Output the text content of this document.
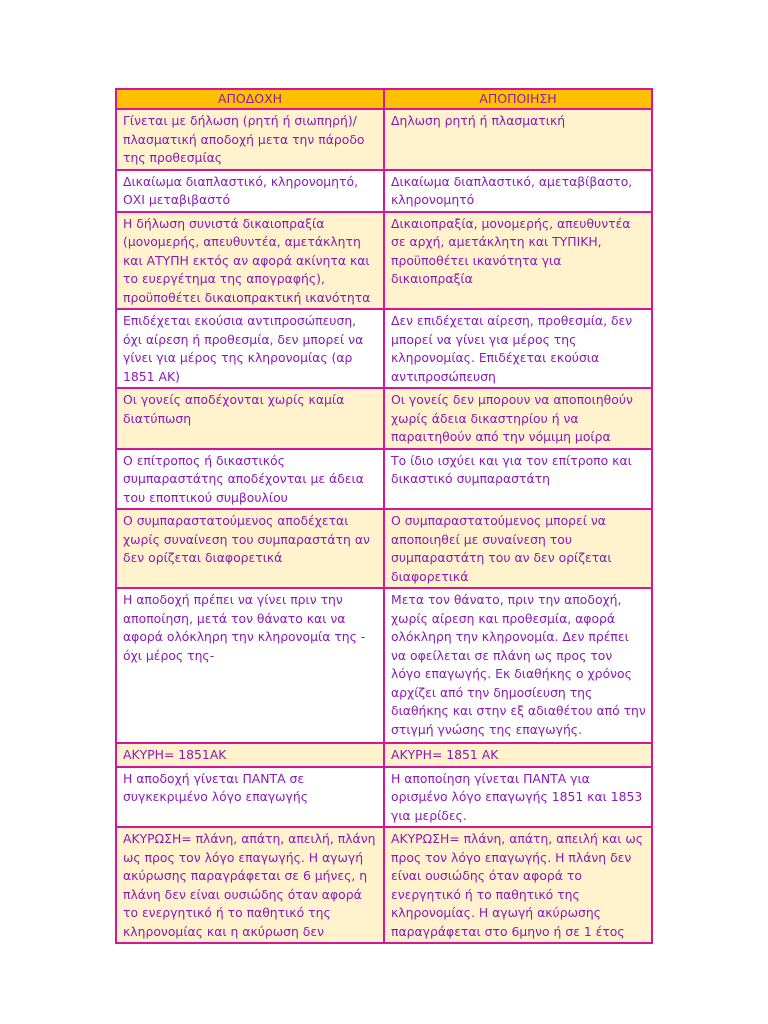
ΑΠΟΔΟΧΗ	ΑΠΟΠΟΙΗΣΗ
Γίνεται με δήλωση (ρητή ή σιωπηρή)/ πλασματική αποδοχή μετα την πάροδο της προθεσμίας	Δηλωση ρητή ή πλασματική
Δικαίωμα διαπλαστικό, κληρονομητό, ΟΧΙ μεταβιβαστό	Δικαίωμα διαπλαστικό, αμεταβίβαστο, κληρονομητό
Η δήλωση συνιστά δικαιοπραξία (μονομερής, απευθυντέα, αμετάκλητη και ΑΤΥΠΗ εκτός αν αφορά ακίνητα και το ευεργέτημα της απογραφής), προϋποθέτει δικαιοπρακτική ικανότητα	Δικαιοπραξία, μονομερής, απευθυντέα σε αρχή, αμετάκλητη και ΤΥΠΙΚΗ, προϋποθέτει ικανότητα για δικαιοπραξία
Επιδέχεται εκούσια αντιπροσώπευση, όχι αίρεση ή προθεσμία, δεν μπορεί να γίνει για μέρος της κληρονομίας (αρ 1851 ΑΚ)	Δεν επιδέχεται αίρεση, προθεσμία, δεν μπορεί να γίνει για μέρος της κληρονομίας. Επιδέχεται εκούσια αντιπροσώπευση
Οι γονείς αποδέχονται χωρίς καμία διατύπωση	Οι γονείς δεν μπορουν να αποποιηθούν χωρίς άδεια δικαστηρίου ή να παραιτηθούν από την νόμιμη μοίρα
Ο επίτροπος ή δικαστικός συμπαραστάτης αποδέχονται με άδεια του εποπτικού συμβουλίου	Το ίδιο ισχύει και για τον επίτροπο και δικαστικό συμπαραστάτη
Ο συμπαραστατούμενος αποδέχεται χωρίς συναίνεση του συμπαραστάτη αν δεν ορίζεται διαφορετικά	Ο συμπαραστατούμενος μπορεί να αποποιηθεί με συναίνεση του συμπαραστάτη του αν δεν ορίζεται διαφορετικά
Η αποδοχή πρέπει να γίνει πριν την αποποίηση, μετά τον θάνατο και να αφορά ολόκληρη την κληρονομία της - όχι μέρος της-	Μετα τον θάνατο, πριν την αποδοχή, χωρίς αίρεση και προθεσμία, αφορά ολόκληρη την κληρονομία. Δεν πρέπει να οφείλεται σε πλάνη ως προς τον λόγο επαγωγής. Εκ διαθήκης ο χρόνος αρχίζει από την δημοσίευση της διαθήκης και στην εξ αδιαθέτου από την στιγμή γνώσης της επαγωγής.
ΑΚΥΡΗ= 1851ΑΚ	ΑΚΥΡΗ= 1851 ΑΚ
Η αποδοχή γίνεται ΠΑΝΤΑ σε συγκεκριμένο λόγο επαγωγής	Η αποποίηση γίνεται ΠΑΝΤΑ για ορισμένο λόγο επαγωγής 1851 και 1853 για μερίδες.
ΑΚΥΡΩΣΗ= πλάνη, απάτη, απειλή, πλάνη ως προς τον λόγο επαγωγής. Η αγωγή ακύρωσης παραγράφεται σε 6 μήνες, η πλάνη δεν είναι ουσιώδης όταν αφορά το ενεργητικό ή το παθητικό της κληρονομίας και η ακύρωση δεν	ΑΚΥΡΩΣΗ= πλάνη, απάτη, απειλή και ως προς τον λόγο επαγωγής. Η πλάνη δεν είναι ουσιώδης όταν αφορά το ενεργητικό ή το παθητικό της κληρονομίας. Η αγωγή ακύρωσης παραγράφεται στο 6μηνο ή σε 1 έτος
